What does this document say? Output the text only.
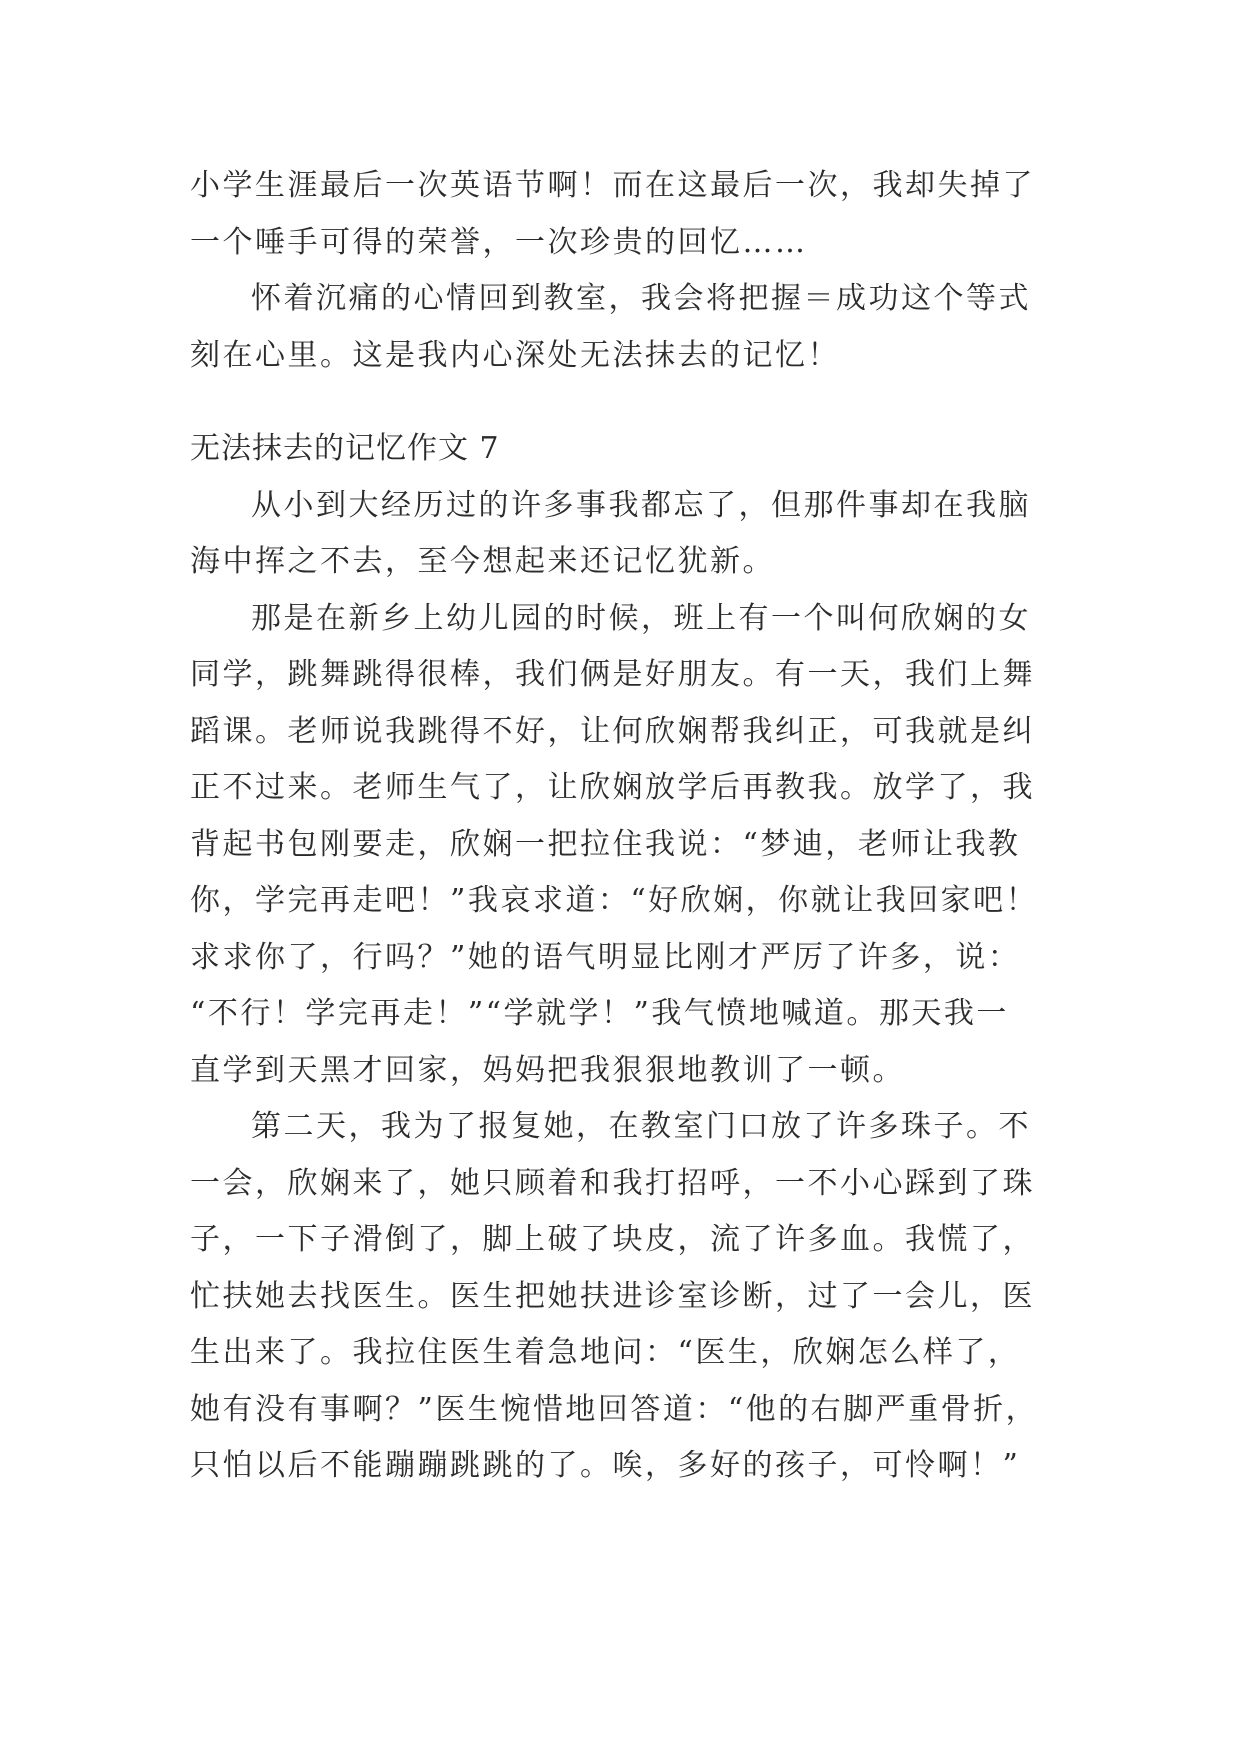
小学生涯最后一次英语节啊！而在这最后一次，我却失掉了
一个唾手可得的荣誉，一次珍贵的回忆……
怀着沉痛的心情回到教室，我会将把握＝成功这个等式
刻在心里。这是我内心深处无法抹去的记忆！
无法抹去的记忆作文 7
从小到大经历过的许多事我都忘了，但那件事却在我脑
海中挥之不去，至今想起来还记忆犹新。
那是在新乡上幼儿园的时候，班上有一个叫何欣娴的女
同学，跳舞跳得很棒，我们俩是好朋友。有一天，我们上舞
蹈课。老师说我跳得不好，让何欣娴帮我纠正，可我就是纠
正不过来。老师生气了，让欣娴放学后再教我。放学了，我
背起书包刚要走，欣娴一把拉住我说：“梦迪，老师让我教
你，学完再走吧！”我哀求道：“好欣娴，你就让我回家吧！
求求你了，行吗？”她的语气明显比刚才严厉了许多，说：
“不行！学完再走！”“学就学！”我气愤地喊道。那天我一
直学到天黑才回家，妈妈把我狠狠地教训了一顿。
第二天，我为了报复她，在教室门口放了许多珠子。不
一会，欣娴来了，她只顾着和我打招呼，一不小心踩到了珠
子，一下子滑倒了，脚上破了块皮，流了许多血。我慌了，
忙扶她去找医生。医生把她扶进诊室诊断，过了一会儿，医
生出来了。我拉住医生着急地问：“医生，欣娴怎么样了，
她有没有事啊？”医生惋惜地回答道：“他的右脚严重骨折，
只怕以后不能蹦蹦跳跳的了。唉，多好的孩子，可怜啊！”
